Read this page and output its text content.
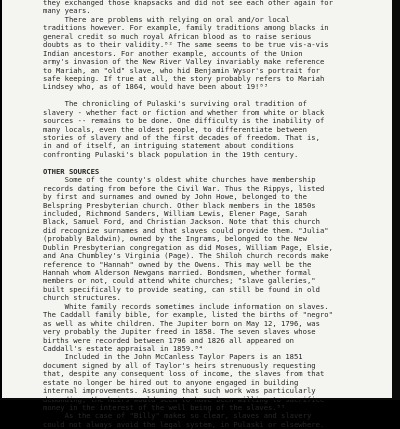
they exchanged those knapsacks and did not see each other again for
many years.
There are problems with relying on oral and/or local
traditions however. For example, family traditions among blacks in
general credit so much royal African blood as to raise serious
doubts as to their validity.⁸² The same seems to be true vis-a-vis
Indian ancestors. For another example, accounts of the Union
army's invasion of the New River Valley invariably make reference
to Mariah, an "old" slave, who hid Benjamin Wysor's portrait for
safe keeping. If true at all, the story probably refers to Mariah
Lindsey who, as of 1864, would have been about 19!⁸³
The chronicling of Pulaski's surviving oral tradition of
slavery - whether fact or fiction and whether from white or black
sources -- remains to be done. One difficulty is the inability of
many locals, even the oldest people, to differentiate between
stories of slavery and of the first decades of freedom. That is,
in and of itself, an intriguing statement about conditions
confronting Pulaski's black population in the 19th century.
OTHER SOURCES
Some of the county's oldest white churches have membership
records dating from before the Civil War. Thus the Rippys, listed
by first and surnames and owned by John Howe, belonged to the
Belspring Presbyterian church. Other black members in the 1850s
included, Richmond Sanders, William Lewis, Elener Page, Sarah
Black, Samuel Ford, and Christian Jackson. Note that this church
did recognize surnames and that slaves could provide them. "Julia"
(probably Baldwin), owned by the Ingrams, belonged to the New
Dublin Presbyterian congregation as did Moses, William Page, Elsie,
and Ana Chumbley's Virginia (Page). The Shiloh church records make
reference to "Hannah" owned by the Owens. This may well be the
Hannah whom Alderson Newgans married. Bondsmen, whether formal
members or not, could attend white churches; "slave galleries,"
built specifically to provide seating, can still be found in old
church structures.
White family records sometimes include information on slaves.
The Caddall family bible, for example, listed the births of "negro"
as well as white children. The Jupiter born on May 12, 1796, was
very probably the Jupiter freed in 1858. The seven slaves whose
births were recorded between 1796 and 1826 all appeared on
Caddall's estate appraisal in 1859.⁸⁴
Included in the John McCanless Taylor Papers is an 1851
document signed by all of Taylor's heirs strenuously requesting
that, despite any consequent loss of income, the slaves from that
estate no longer be hired out to anyone engaged in building
internal improvements. Assuming that such work was particularly
money in the interest of the well being of the slaves.⁸⁵
As the case of "Billy" makes so clear, slaves and slavery
could not always avoid the legal system, in Pulaski or elsewhere.
